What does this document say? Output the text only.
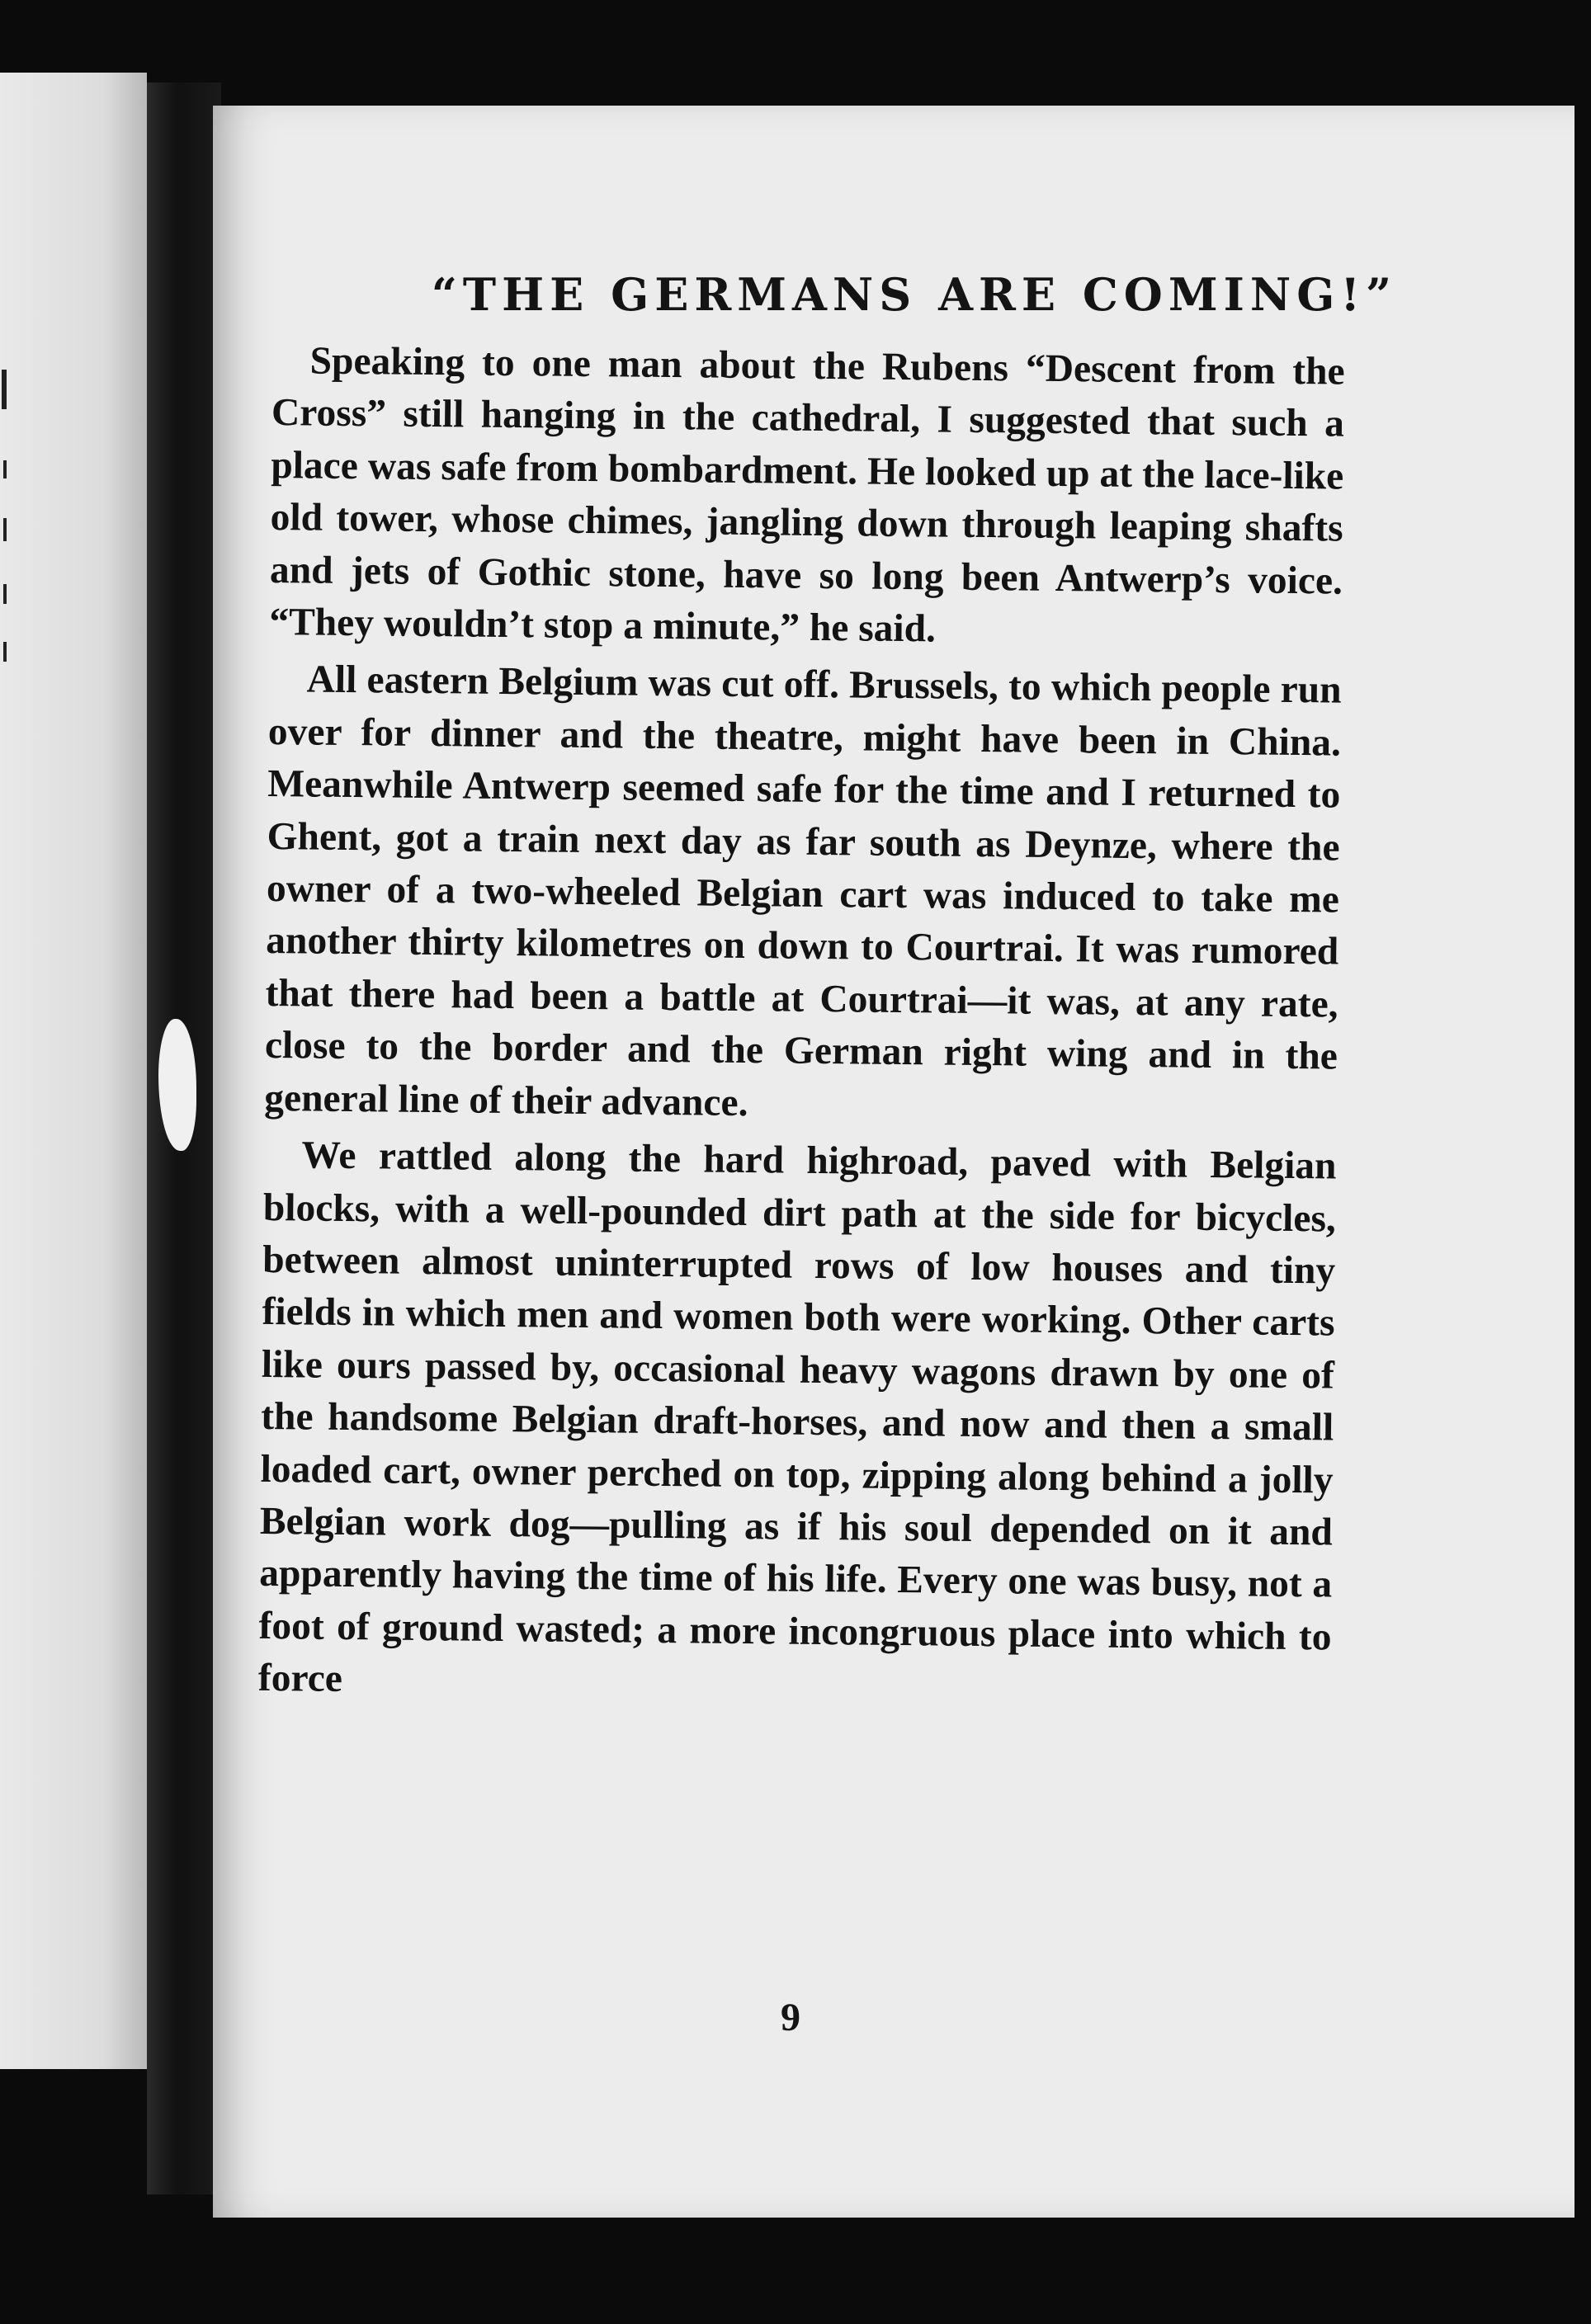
“THE GERMANS ARE COMING!”

Speaking to one man about the Rubens “Descent from the Cross” still hanging in the cathedral, I suggested that such a place was safe from bombardment. He looked up at the lace-like old tower, whose chimes, jangling down through leaping shafts and jets of Gothic stone, have so long been Antwerp’s voice. “They wouldn’t stop a minute,” he said.

All eastern Belgium was cut off. Brussels, to which people run over for dinner and the theatre, might have been in China. Meanwhile Antwerp seemed safe for the time and I returned to Ghent, got a train next day as far south as Deynze, where the owner of a two-wheeled Belgian cart was induced to take me another thirty kilometres on down to Courtrai. It was rumored that there had been a battle at Courtrai—it was, at any rate, close to the border and the German right wing and in the general line of their advance.

We rattled along the hard highroad, paved with Belgian blocks, with a well-pounded dirt path at the side for bicycles, between almost uninterrupted rows of low houses and tiny fields in which men and women both were working. Other carts like ours passed by, occasional heavy wagons drawn by one of the handsome Belgian draft-horses, and now and then a small loaded cart, owner perched on top, zipping along behind a jolly Belgian work dog—pulling as if his soul depended on it and apparently having the time of his life. Every one was busy, not a foot of ground wasted; a more incongruous place into which to force

9
